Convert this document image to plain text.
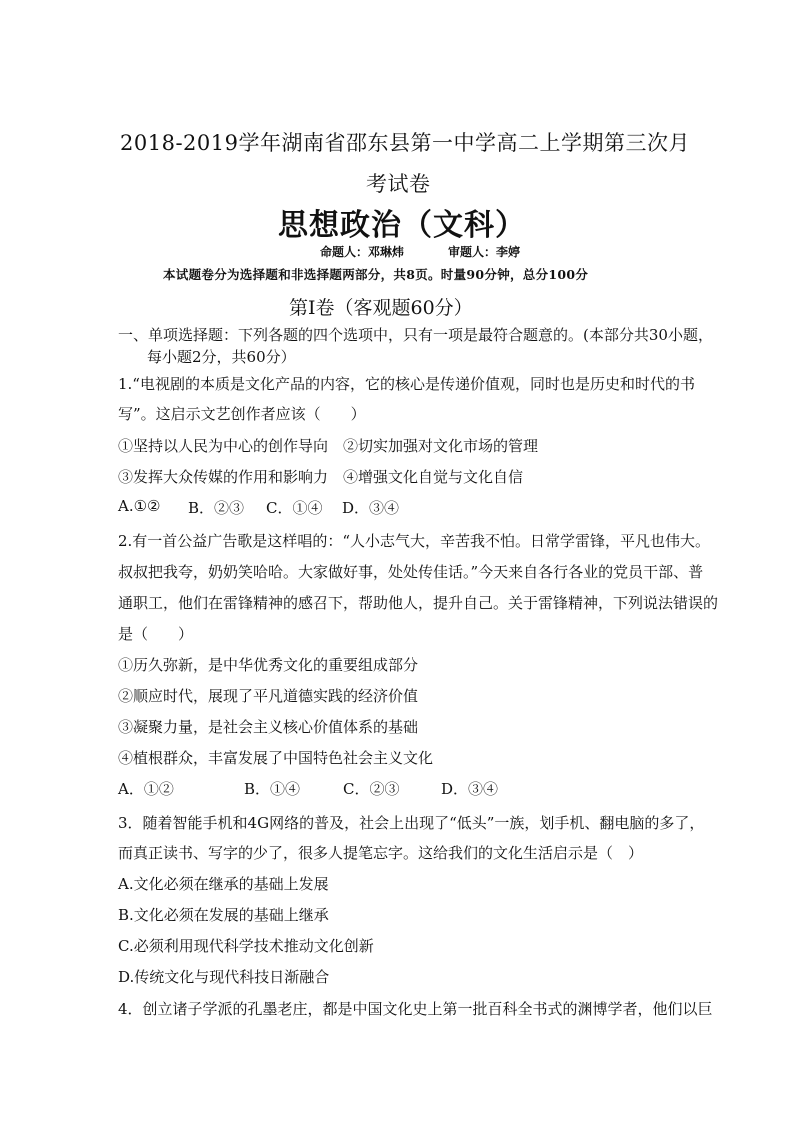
2018-2019学年湖南省邵东县第一中学高二上学期第三次月
考试卷
思想政治（文科）
命题人：邓琳炜	审题人：李婷
本试题卷分为选择题和非选择题两部分，共8页。时量90分钟，总分100分
第Ⅰ卷（客观题60分）
一、单项选择题：下列各题的四个选项中，只有一项是最符合题意的。(本部分共30小题，
每小题2分，共60分）
1.“电视剧的本质是文化产品的内容，它的核心是传递价值观，同时也是历史和时代的书
写”。这启示文艺创作者应该（　　）
①坚持以人民为中心的创作导向 ②切实加强对文化市场的管理
③发挥大众传媒的作用和影响力 ④增强文化自觉与文化自信
A.①② B．②③ C．①④ D．③④
2.有一首公益广告歌是这样唱的：“人小志气大，辛苦我不怕。日常学雷锋，平凡也伟大。
叔叔把我夸，奶奶笑哈哈。大家做好事，处处传佳话。”今天来自各行各业的党员干部、普
通职工，他们在雷锋精神的感召下，帮助他人，提升自己。关于雷锋精神，下列说法错误的
是（　　）
①历久弥新，是中华优秀文化的重要组成部分
②顺应时代，展现了平凡道德实践的经济价值
③凝聚力量，是社会主义核心价值体系的基础
④植根群众，丰富发展了中国特色社会主义文化
A．①②	B．①④	C．②③	D．③④
3．随着智能手机和4G网络的普及，社会上出现了“低头”一族，划手机、翻电脑的多了，
而真正读书、写字的少了，很多人提笔忘字。这给我们的文化生活启示是（　）
A.文化必须在继承的基础上发展
B.文化必须在发展的基础上继承
C.必须利用现代科学技术推动文化创新
D.传统文化与现代科技日渐融合
4．创立诸子学派的孔墨老庄，都是中国文化史上第一批百科全书式的渊博学者，他们以巨
